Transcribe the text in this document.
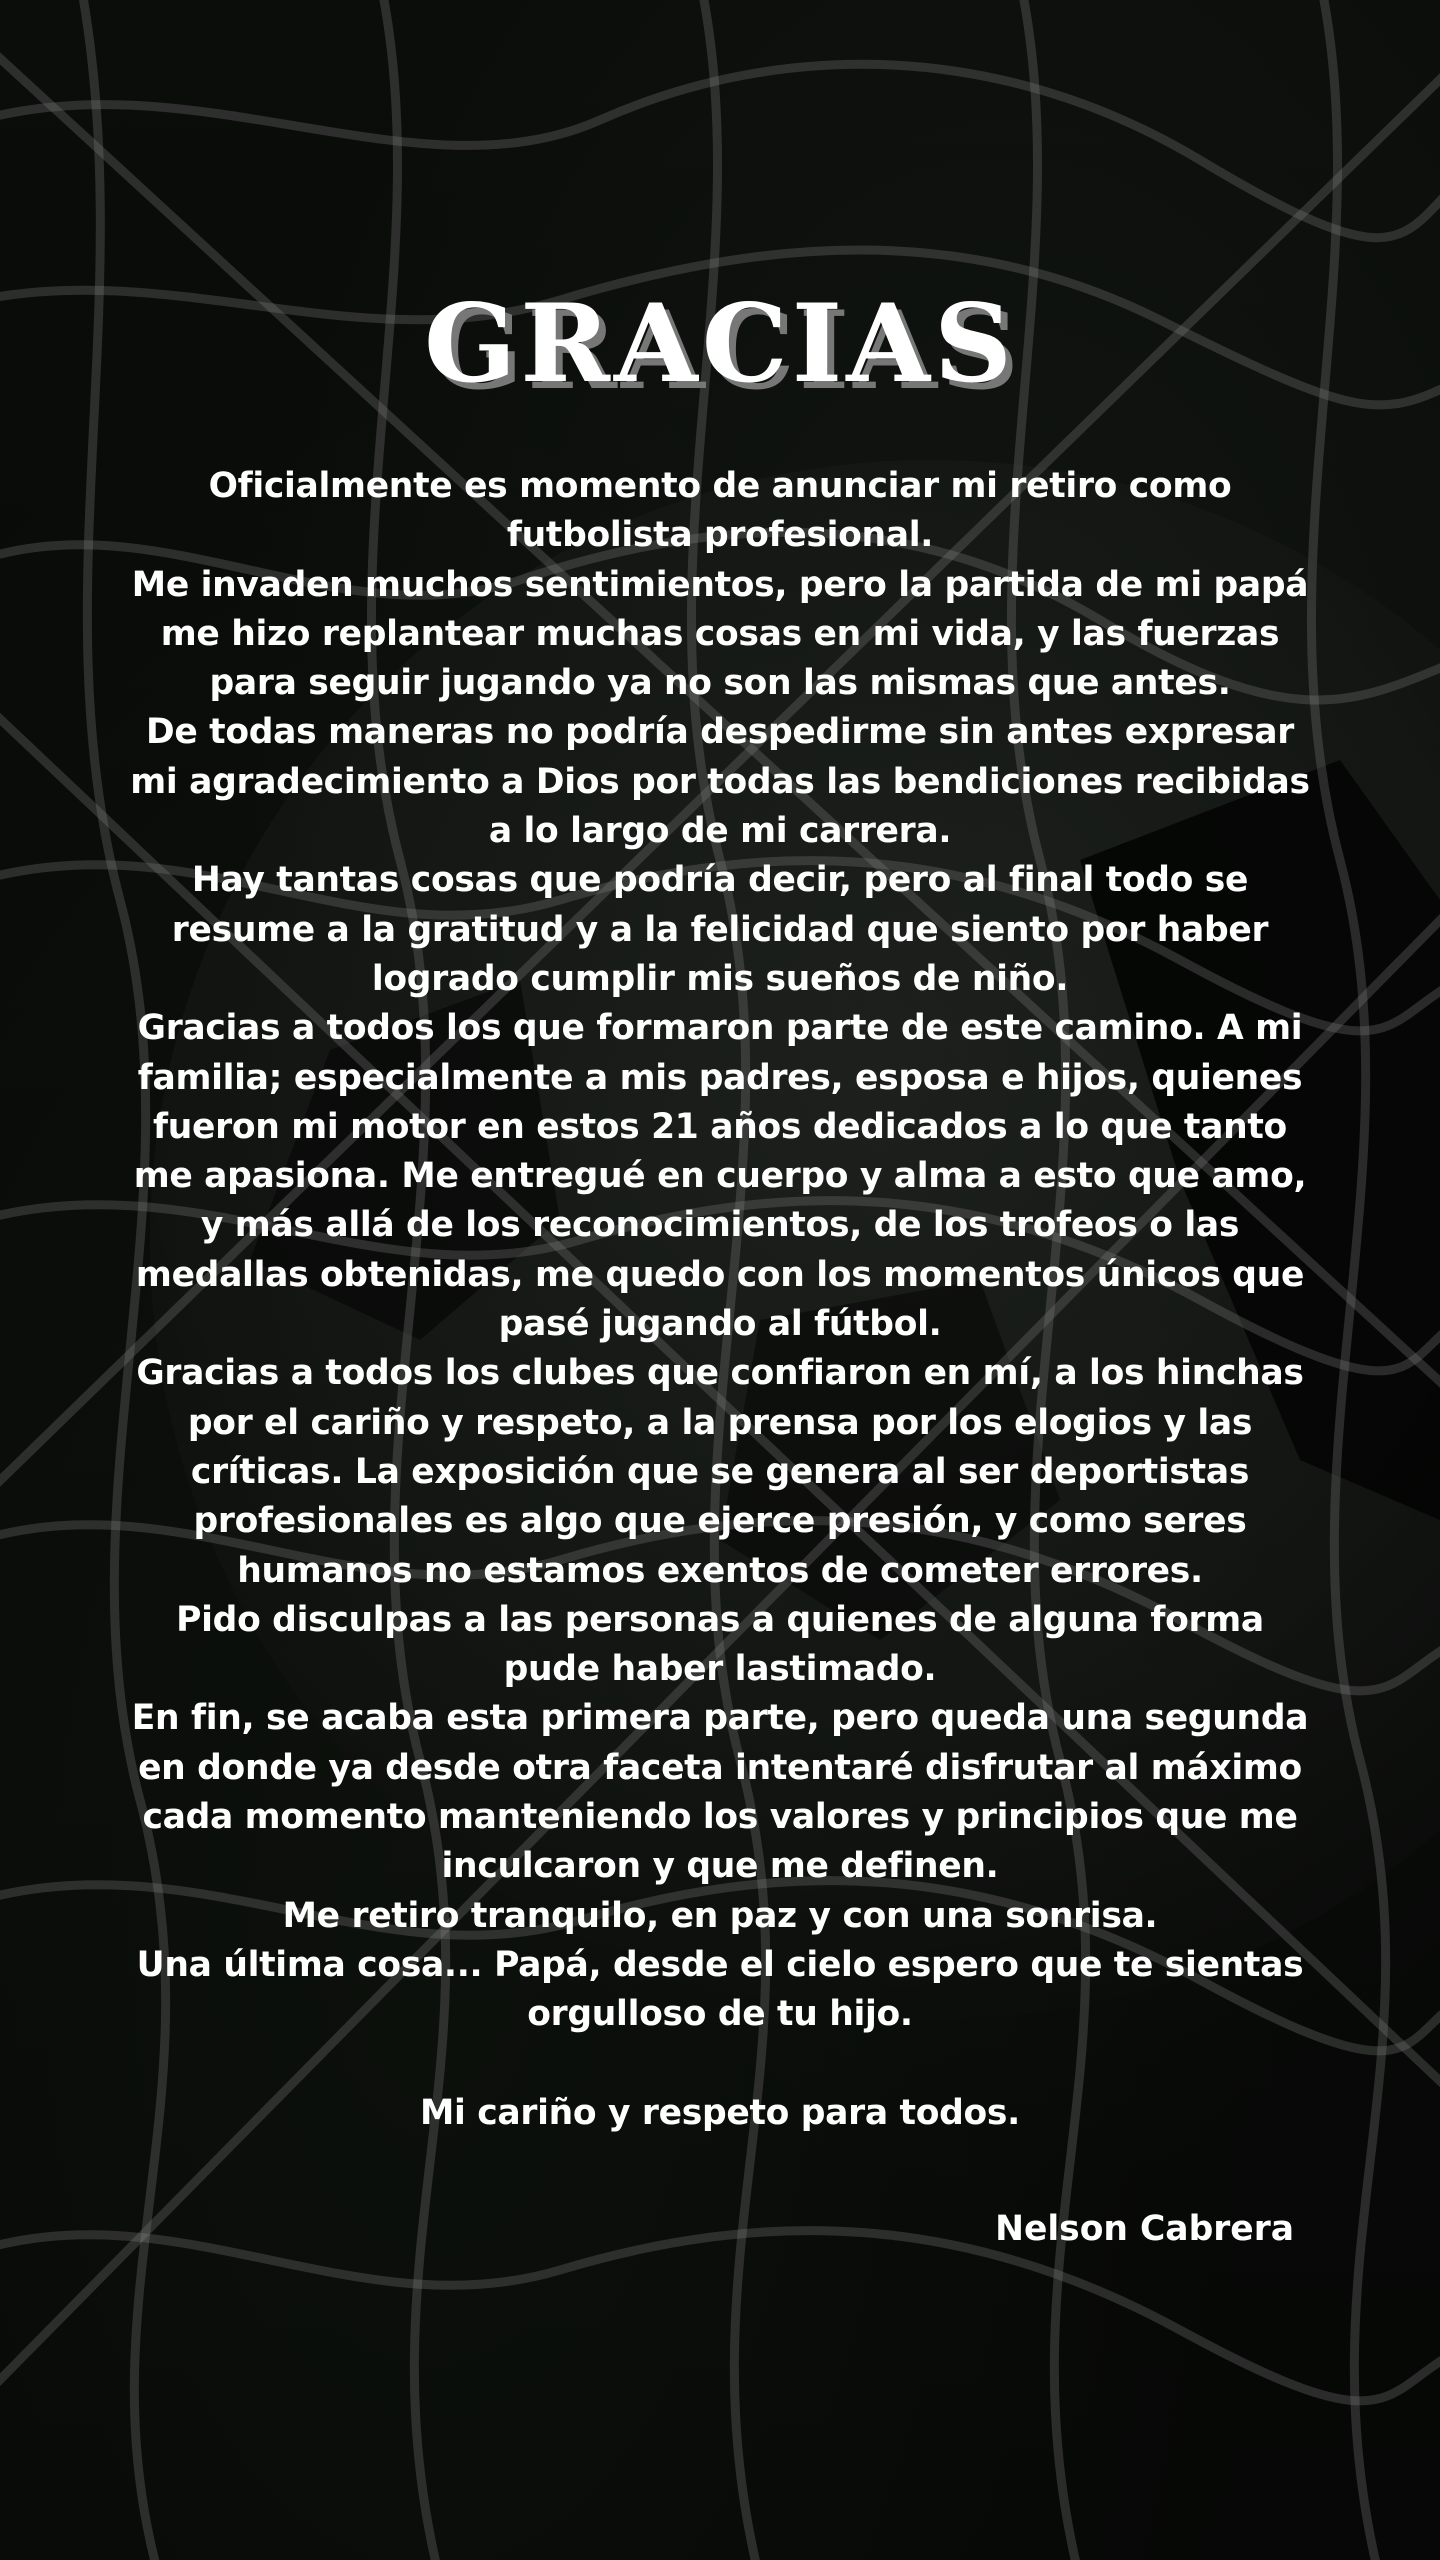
GRACIAS

Oficialmente es momento de anunciar mi retiro como futbolista profesional.

Me invaden muchos sentimientos, pero la partida de mi papá me hizo replantear muchas cosas en mi vida, y las fuerzas para seguir jugando ya no son las mismas que antes.

De todas maneras no podría despedirme sin antes expresar mi agradecimiento a Dios por todas las bendiciones recibidas a lo largo de mi carrera.

Hay tantas cosas que podría decir, pero al final todo se resume a la gratitud y a la felicidad que siento por haber logrado cumplir mis sueños de niño.

Gracias a todos los que formaron parte de este camino. A mi familia; especialmente a mis padres, esposa e hijos, quienes fueron mi motor en estos 21 años dedicados a lo que tanto me apasiona. Me entregué en cuerpo y alma a esto que amo, y más allá de los reconocimientos, de los trofeos o las medallas obtenidas, me quedo con los momentos únicos que pasé jugando al fútbol.

Gracias a todos los clubes que confiaron en mí, a los hinchas por el cariño y respeto, a la prensa por los elogios y las críticas. La exposición que se genera al ser deportistas profesionales es algo que ejerce presión, y como seres humanos no estamos exentos de cometer errores.

Pido disculpas a las personas a quienes de alguna forma pude haber lastimado.

En fin, se acaba esta primera parte, pero queda una segunda en donde ya desde otra faceta intentaré disfrutar al máximo cada momento manteniendo los valores y principios que me inculcaron y que me definen.

Me retiro tranquilo, en paz y con una sonrisa.

Una última cosa... Papá, desde el cielo espero que te sientas orgulloso de tu hijo.

Mi cariño y respeto para todos.

Nelson Cabrera
